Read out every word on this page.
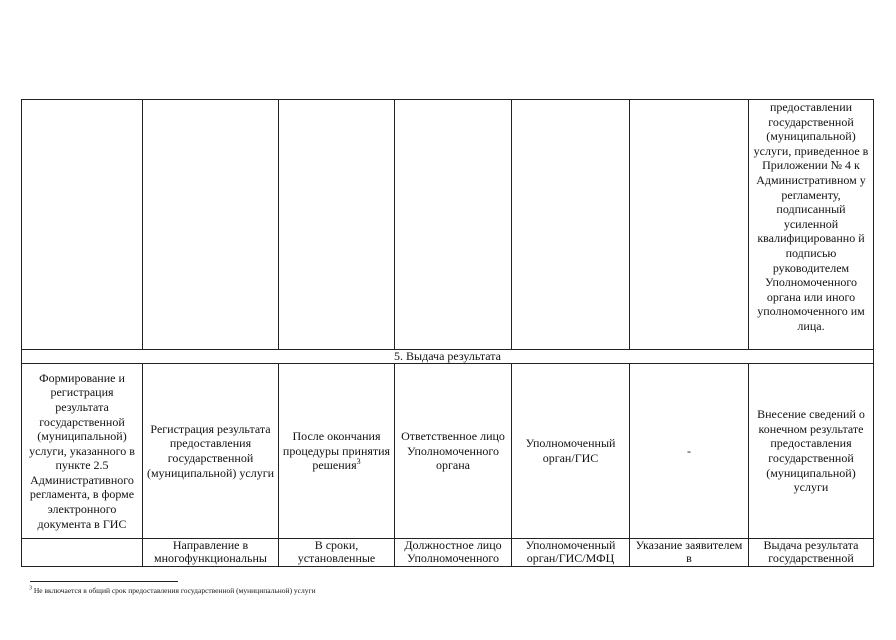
						предоставлении государственной (муниципальной) услуги, приведенное в Приложении № 4 к Административном у регламенту, подписанный усиленной квалифицированно й подписью руководителем Уполномоченного органа или иного уполномоченного им лица.
5. Выдача результата						
Формирование и регистрация результата государственной (муниципальной) услуги, указанного в пункте 2.5 Административного регламента, в форме электронного документа в ГИС	Регистрация результата предоставления государственной (муниципальной) услуги	После окончания процедуры принятия решения$^3$	Ответственное лицо Уполномоченного органа	Уполномоченный орган/ГИС	-	Внесение сведений о конечном результате предоставления государственной (муниципальной) услуги
	Направление в многофункциональны	В сроки, установленные	Должностное лицо Уполномоченного	Уполномоченный орган/ГИС/МФЦ	Указание заявителем в	Выдача результата государственной
$^3$ Не включается в общий срок предоставления государственной (муниципальной) услуги
